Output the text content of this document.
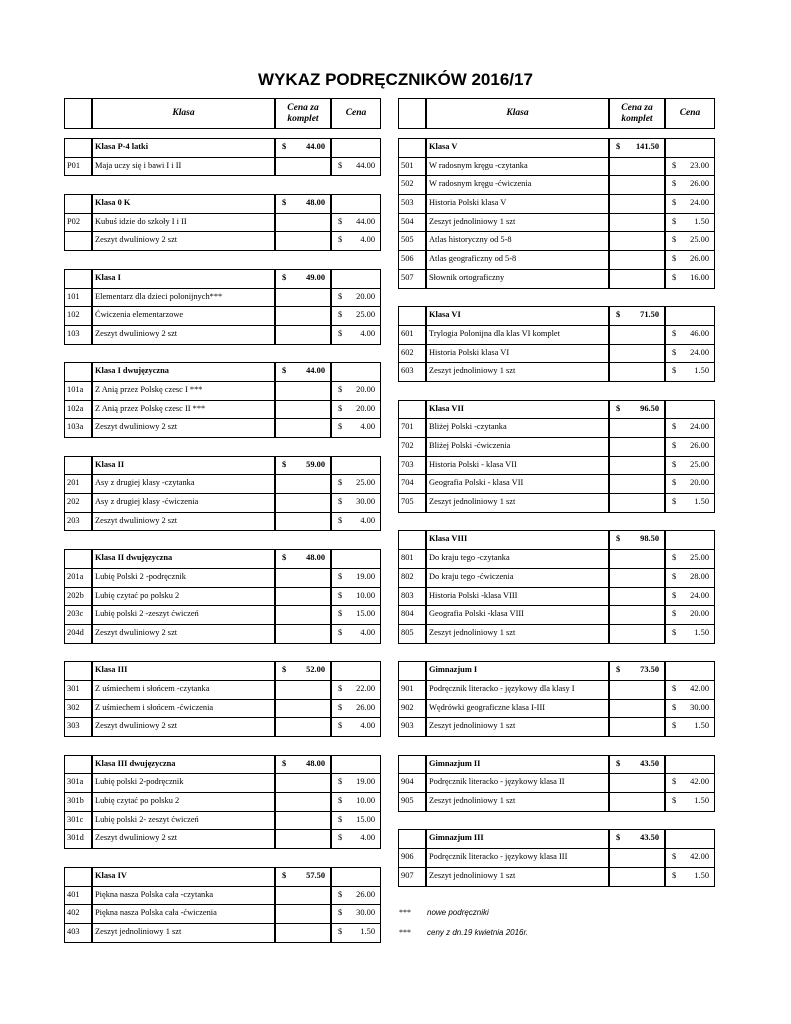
WYKAZ PODRĘCZNIKÓW 2016/17
Klasa
Cena za komplet
Cena
Klasa P-4 latki	$ 44.00
P01	Maja uczy się i bawi I i II	$ 44.00
Klasa 0 K	$ 48.00
P02	Kubuś idzie do szkoły I i II	$ 44.00
Zeszyt dwuliniowy 2 szt	$ 4.00
Klasa I	$ 49.00
101	Elementarz dla dzieci polonijnych***	$ 20.00
102	Ćwiczenia elementarzowe	$ 25.00
103	Zeszyt dwuliniowy 2 szt	$ 4.00
Klasa I dwujęzyczna	$ 44.00
101a	Z Anią przez Polskę czesc I ***	$ 20.00
102a	Z Anią przez Polskę czesc II ***	$ 20.00
103a	Zeszyt dwuliniowy 2 szt	$ 4.00
Klasa II	$ 59.00
201	Asy z drugiej klasy -czytanka	$ 25.00
202	Asy z drugiej klasy -ćwiczenia	$ 30.00
203	Zeszyt dwuliniowy 2 szt	$ 4.00
Klasa II dwujęzyczna	$ 48.00
201a	Lubię Polski 2 -podręcznik	$ 19.00
202b	Lubię czytać po polsku 2	$ 10.00
203c	Lubię polski 2 -zeszyt ćwiczeń	$ 15.00
204d	Zeszyt dwuliniowy 2 szt	$ 4.00
Klasa III	$ 52.00
301	Z uśmiechem i słońcem -czytanka	$ 22.00
302	Z uśmiechem i słońcem -ćwiczenia	$ 26.00
303	Zeszyt dwuliniowy 2 szt	$ 4.00
Klasa III dwujęzyczna	$ 48.00
301a	Lubię polski 2-podręcznik	$ 19.00
301b	Lubię czytać po polsku 2	$ 10.00
301c	Lubię polski 2- zeszyt ćwiczeń	$ 15.00
301d	Zeszyt dwuliniowy 2 szt	$ 4.00
Klasa IV	$ 57.50
401	Piękna nasza Polska cała -czytanka	$ 26.00
402	Piękna nasza Polska cała -ćwiczenia	$ 30.00
403	Zeszyt jednoliniowy 1 szt	$ 1.50
Klasa
Cena za komplet
Cena
Klasa V	$ 141.50
501	W radosnym kręgu -czytanka	$ 23.00
502	W radosnym kręgu -ćwiczenia	$ 26.00
503	Historia Polski klasa V	$ 24.00
504	Zeszyt jednoliniowy 1 szt	$ 1.50
505	Atlas historyczny od 5-8	$ 25.00
506	Atlas geograficzny od 5-8	$ 26.00
507	Słownik ortograficzny	$ 16.00
Klasa VI	$ 71.50
601	Trylogia Polonijna dla klas VI komplet	$ 46.00
602	Historia Polski klasa VI	$ 24.00
603	Zeszyt jednoliniowy 1 szt	$ 1.50
Klasa VII	$ 96.50
701	Bliżej Polski -czytanka	$ 24.00
702	Bliżej Polski -ćwiczenia	$ 26.00
703	Historia Polski - klasa VII	$ 25.00
704	Geografia Polski - klasa VII	$ 20.00
705	Zeszyt jednoliniowy 1 szt	$ 1.50
Klasa VIII	$ 98.50
801	Do kraju tego -czytanka	$ 25.00
802	Do kraju tego -ćwiczenia	$ 28.00
803	Historia Polski -klasa VIII	$ 24.00
804	Geografia Polski -klasa VIII	$ 20.00
805	Zeszyt jednoliniowy 1 szt	$ 1.50
Gimnazjum I	$ 73.50
901	Podręcznik literacko - językowy dla klasy I	$ 42.00
902	Wędrówki geograficzne klasa I-III	$ 30.00
903	Zeszyt jednoliniowy 1 szt	$ 1.50
Gimnazjum II	$ 43.50
904	Podręcznik literacko - językowy klasa II	$ 42.00
905	Zeszyt jednoliniowy 1 szt	$ 1.50
Gimnazjum III	$ 43.50
906	Podręcznik literacko - językowy klasa III	$ 42.00
907	Zeszyt jednoliniowy 1 szt	$ 1.50
*** nowe podręczniki
*** ceny z dn.19 kwietnia 2016r.
